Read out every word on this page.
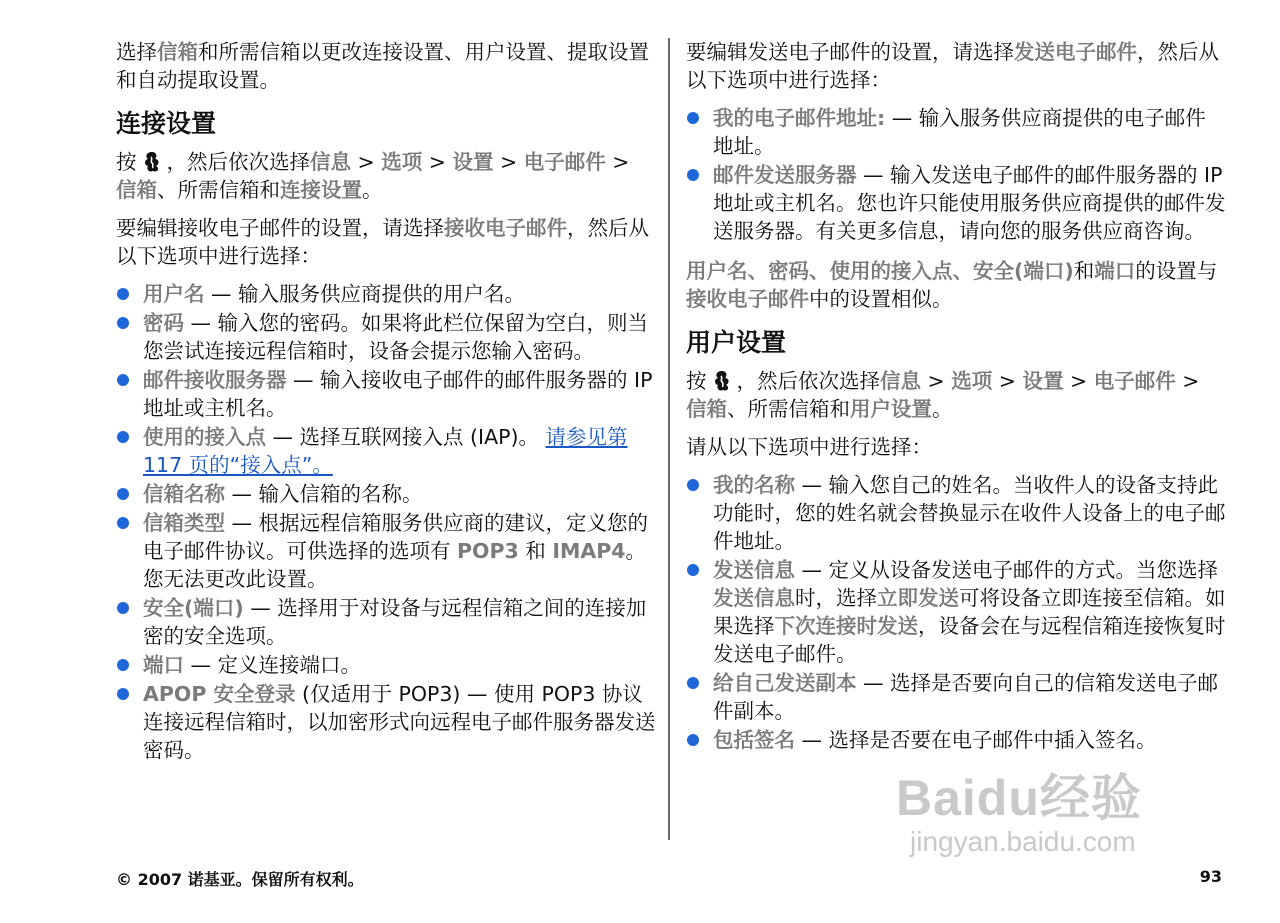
选择信箱和所需信箱以更改连接设置、用户设置、提取设置和自动提取设置。

连接设置

按 ，然后依次选择信息 > 选项 > 设置 > 电子邮件 > 信箱、所需信箱和连接设置。

要编辑接收电子邮件的设置，请选择接收电子邮件，然后从以下选项中进行选择：

用户名 — 输入服务供应商提供的用户名。
密码 — 输入您的密码。如果将此栏位保留为空白，则当您尝试连接远程信箱时，设备会提示您输入密码。
邮件接收服务器 — 输入接收电子邮件的邮件服务器的 IP 地址或主机名。
使用的接入点 — 选择互联网接入点 (IAP)。 请参见第 117 页的“接入点”。
信箱名称 — 输入信箱的名称。
信箱类型 — 根据远程信箱服务供应商的建议，定义您的电子邮件协议。可供选择的选项有 POP3 和 IMAP4。您无法更改此设置。
安全(端口) — 选择用于对设备与远程信箱之间的连接加密的安全选项。
端口 — 定义连接端口。
APOP 安全登录 (仅适用于 POP3) — 使用 POP3 协议连接远程信箱时，以加密形式向远程电子邮件服务器发送密码。

要编辑发送电子邮件的设置，请选择发送电子邮件，然后从以下选项中进行选择：

我的电子邮件地址: — 输入服务供应商提供的电子邮件地址。
邮件发送服务器 — 输入发送电子邮件的邮件服务器的 IP 地址或主机名。您也许只能使用服务供应商提供的邮件发送服务器。有关更多信息，请向您的服务供应商咨询。

用户名、密码、使用的接入点、安全(端口)和端口的设置与接收电子邮件中的设置相似。

用户设置

按 ，然后依次选择信息 > 选项 > 设置 > 电子邮件 > 信箱、所需信箱和用户设置。

请从以下选项中进行选择：

我的名称 — 输入您自己的姓名。当收件人的设备支持此功能时，您的姓名就会替换显示在收件人设备上的电子邮件地址。
发送信息 — 定义从设备发送电子邮件的方式。当您选择发送信息时，选择立即发送可将设备立即连接至信箱。如果选择下次连接时发送，设备会在与远程信箱连接恢复时发送电子邮件。
给自己发送副本 — 选择是否要向自己的信箱发送电子邮件副本。
包括签名 — 选择是否要在电子邮件中插入签名。
Baidu经验
jingyan.baidu.com
© 2007 诺基亚。保留所有权利。	93
